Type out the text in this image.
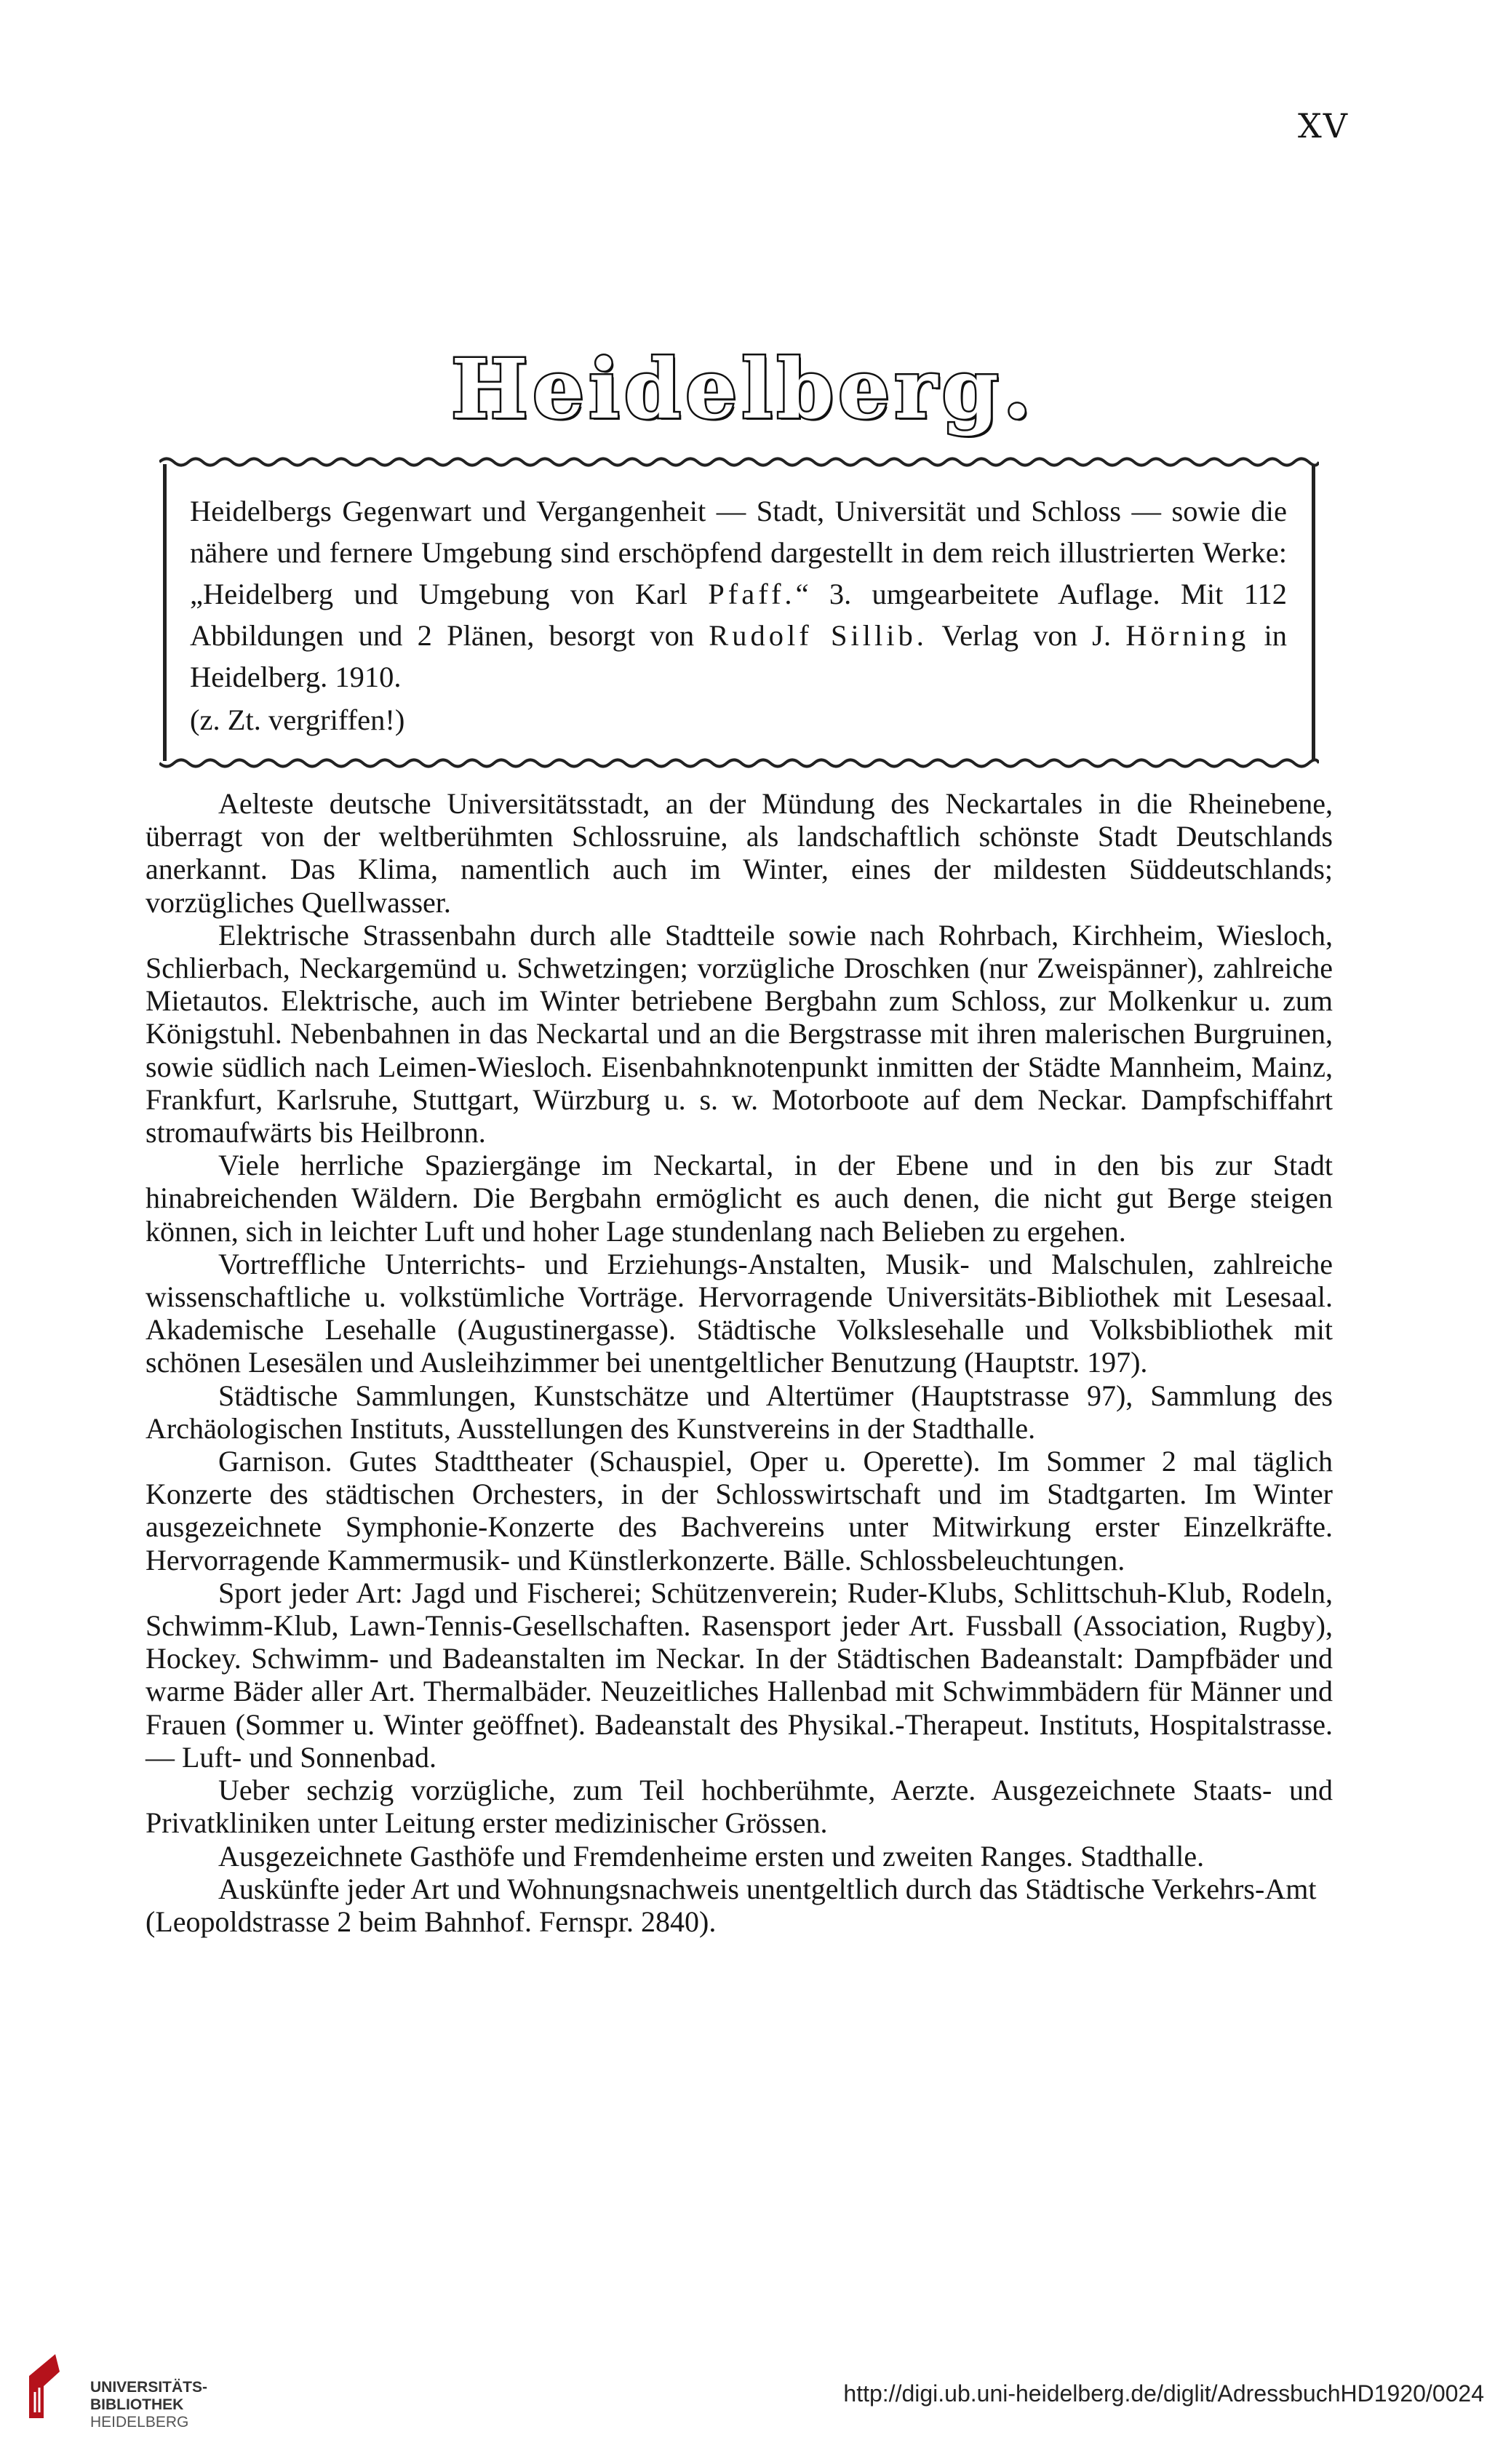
XV
Heidelberg.
Heidelbergs Gegenwart und Vergangenheit — Stadt, Universität und Schloss — sowie die nähere und fernere Umgebung sind erschöpfend dargestellt in dem reich illustrierten Werke: „Heidelberg und Umgebung von Karl Pfaff.“ 3. umgearbeitete Auflage. Mit 112 Abbildungen und 2 Plänen, besorgt von Rudolf Sillib. Verlag von J. Hörning in Heidelberg. 1910.
(z. Zt. vergriffen!)

Aelteste deutsche Universitätsstadt, an der Mündung des Neckartales in die Rheinebene, überragt von der weltberühmten Schlossruine, als landschaftlich schönste Stadt Deutschlands anerkannt. Das Klima, namentlich auch im Winter, eines der mildesten Süddeutschlands; vorzügliches Quellwasser.

Elektrische Strassenbahn durch alle Stadtteile sowie nach Rohrbach, Kirchheim, Wiesloch, Schlierbach, Neckargemünd u. Schwetzingen; vorzügliche Droschken (nur Zweispänner), zahlreiche Mietautos. Elektrische, auch im Winter betriebene Bergbahn zum Schloss, zur Molkenkur u. zum Königstuhl. Nebenbahnen in das Neckartal und an die Bergstrasse mit ihren malerischen Burgruinen, sowie südlich nach Leimen-Wiesloch. Eisenbahnknotenpunkt inmitten der Städte Mannheim, Mainz, Frankfurt, Karlsruhe, Stuttgart, Würzburg u. s. w. Motorboote auf dem Neckar. Dampfschiffahrt stromaufwärts bis Heilbronn.

Viele herrliche Spaziergänge im Neckartal, in der Ebene und in den bis zur Stadt hinabreichenden Wäldern. Die Bergbahn ermöglicht es auch denen, die nicht gut Berge steigen können, sich in leichter Luft und hoher Lage stundenlang nach Belieben zu ergehen.

Vortreffliche Unterrichts- und Erziehungs-Anstalten, Musik- und Malschulen, zahlreiche wissenschaftliche u. volkstümliche Vorträge. Hervorragende Universitäts-Bibliothek mit Lesesaal. Akademische Lesehalle (Augustinergasse). Städtische Volkslesehalle und Volksbibliothek mit schönen Lesesälen und Ausleihzimmer bei unentgeltlicher Benutzung (Hauptstr. 197).

Städtische Sammlungen, Kunstschätze und Altertümer (Hauptstrasse 97), Sammlung des Archäologischen Instituts, Ausstellungen des Kunstvereins in der Stadthalle.

Garnison. Gutes Stadttheater (Schauspiel, Oper u. Operette). Im Sommer 2 mal täglich Konzerte des städtischen Orchesters, in der Schlosswirtschaft und im Stadtgarten. Im Winter ausgezeichnete Symphonie-Konzerte des Bachvereins unter Mitwirkung erster Einzelkräfte. Hervorragende Kammermusik- und Künstlerkonzerte. Bälle. Schlossbeleuchtungen.

Sport jeder Art: Jagd und Fischerei; Schützenverein; Ruder-Klubs, Schlittschuh-Klub, Rodeln, Schwimm-Klub, Lawn-Tennis-Gesellschaften. Rasensport jeder Art. Fussball (Association, Rugby), Hockey. Schwimm- und Badeanstalten im Neckar. In der Städtischen Badeanstalt: Dampfbäder und warme Bäder aller Art. Thermalbäder. Neuzeitliches Hallenbad mit Schwimmbädern für Männer und Frauen (Sommer u. Winter geöffnet). Badeanstalt des Physikal.-Therapeut. Instituts, Hospitalstrasse. — Luft- und Sonnenbad.

Ueber sechzig vorzügliche, zum Teil hochberühmte, Aerzte. Ausgezeichnete Staats- und Privatkliniken unter Leitung erster medizinischer Grössen.

Ausgezeichnete Gasthöfe und Fremdenheime ersten und zweiten Ranges. Stadthalle.

Auskünfte jeder Art und Wohnungsnachweis unentgeltlich durch das Städtische Verkehrs-Amt (Leopoldstrasse 2 beim Bahnhof. Fernspr. 2840).

UNIVERSITÄTS-
BIBLIOTHEK
HEIDELBERG
http://digi.ub.uni-heidelberg.de/diglit/AdressbuchHD1920/0024
